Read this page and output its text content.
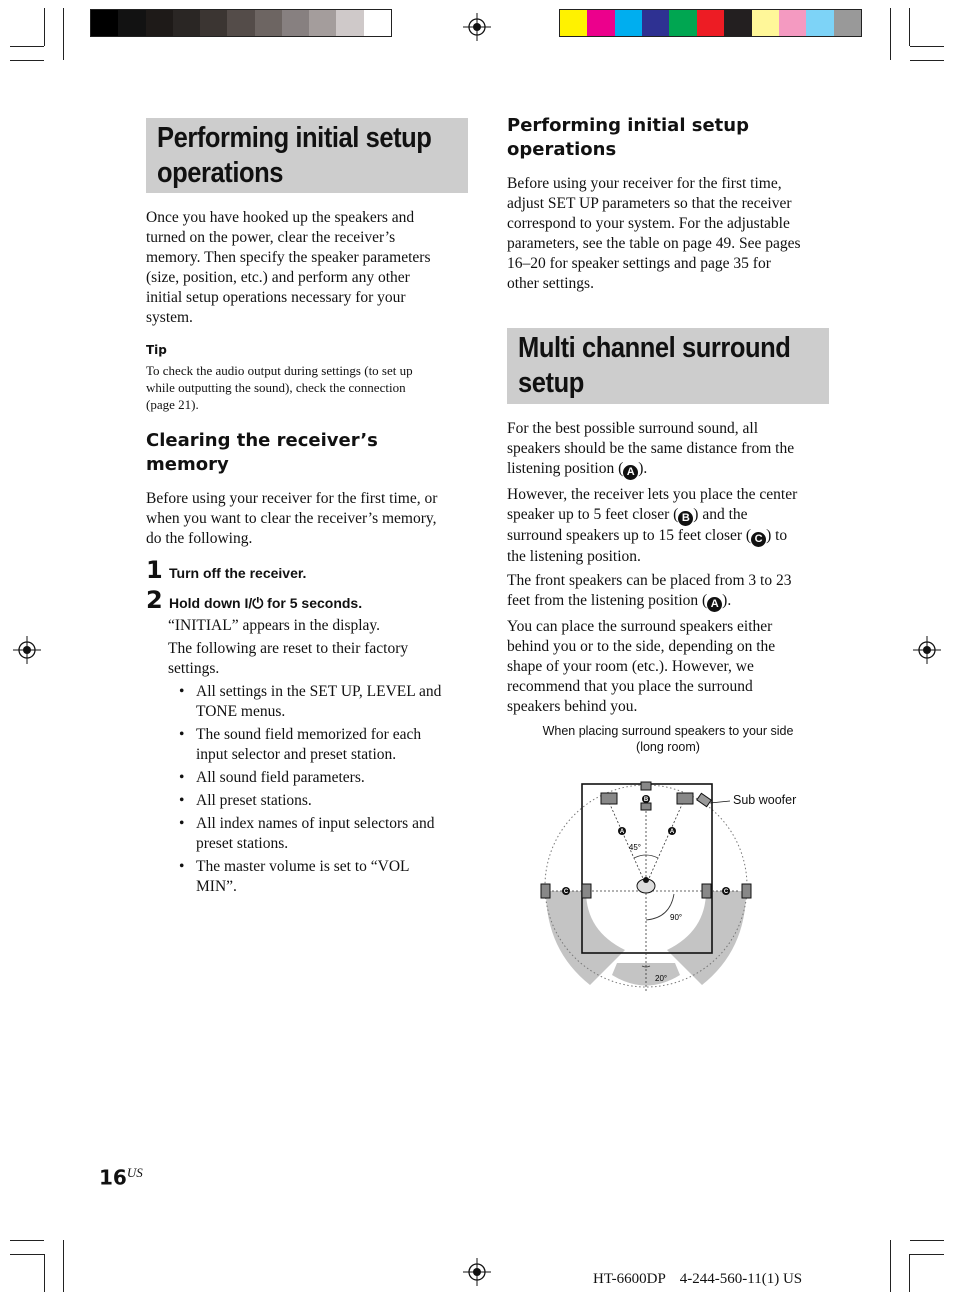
Performing initial setup
operations
Once you have hooked up the speakers and
turned on the power, clear the receiver’s
memory. Then specify the speaker parameters
(size, position, etc.) and perform any other
initial setup operations necessary for your
system.
Tip
To check the audio output during settings (to set up
while outputting the sound), check the connection
(page 21).
Clearing the receiver’s
memory
Before using your receiver for the first time, or
when you want to clear the receiver’s memory,
do the following.
1 Turn off the receiver.
2 Hold down I/⏻ for 5 seconds.
“INITIAL” appears in the display.
The following are reset to their factory
settings.
• All settings in the SET UP, LEVEL and
TONE menus.
• The sound field memorized for each
input selector and preset station.
• All sound field parameters.
• All preset stations.
• All index names of input selectors and
preset stations.
• The master volume is set to “VOL
MIN”.
Performing initial setup
operations
Before using your receiver for the first time,
adjust SET UP parameters so that the receiver
correspond to your system. For the adjustable
parameters, see the table on page 49. See pages
16–20 for speaker settings and page 35 for
other settings.
Multi channel surround
setup
For the best possible surround sound, all
speakers should be the same distance from the
listening position ( A ).
However, the receiver lets you place the center
speaker up to 5 feet closer ( B ) and the
surround speakers up to 15 feet closer ( C ) to
the listening position.
The front speakers can be placed from 3 to 23
feet from the listening position ( A ).
You can place the surround speakers either
behind you or to the side, depending on the
shape of your room (etc.). However, we
recommend that you place the surround
speakers behind you.
When placing surround speakers to your side
(long room)
B
A	A
C	C
45°
90°
20°
Sub woofer
$16^{US}$
HT-6600DP 4-244-560-11(1) US
